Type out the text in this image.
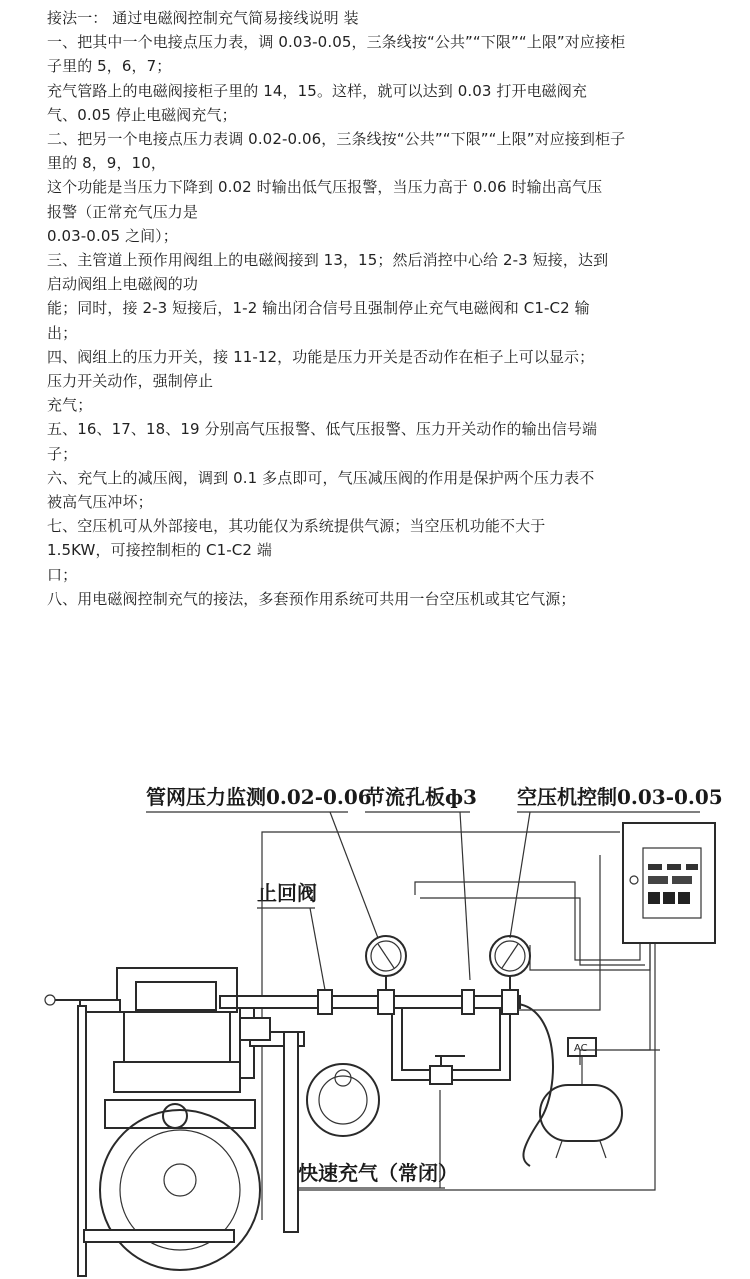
接法一： 通过电磁阀控制充气简易接线说明 装
一、把其中一个电接点压力表，调 0.03-0.05，三条线按“公共”“下限”“上限”对应接柜
子里的 5，6，7；
充气管路上的电磁阀接柜子里的 14，15。这样，就可以达到 0.03 打开电磁阀充
气、0.05 停止电磁阀充气；
二、把另一个电接点压力表调 0.02-0.06，三条线按“公共”“下限”“上限”对应接到柜子
里的 8，9，10，
这个功能是当压力下降到 0.02 时输出低气压报警，当压力高于 0.06 时输出高气压
报警（正常充气压力是
0.03-0.05 之间）；
三、主管道上预作用阀组上的电磁阀接到 13，15；然后消控中心给 2-3 短接，达到
启动阀组上电磁阀的功
能；同时，接 2-3 短接后，1-2 输出闭合信号且强制停止充气电磁阀和 C1-C2 输
出；
四、阀组上的压力开关，接 11-12，功能是压力开关是否动作在柜子上可以显示；
压力开关动作，强制停止
充气；
五、16、17、18、19 分别高气压报警、低气压报警、压力开关动作的输出信号端
子；
六、充气上的减压阀，调到 0.1 多点即可，气压减压阀的作用是保护两个压力表不
被高气压冲坏；
七、空压机可从外部接电，其功能仅为系统提供气源；当空压机功能不大于
1.5KW，可接控制柜的 C1-C2 端
口；
八、用电磁阀控制充气的接法，多套预作用系统可共用一台空压机或其它气源；
管网压力监测0.02-0.06
节流孔板ф3 空压机控制0.03-0.05
止回阀
快速充气（常闭）
AC
